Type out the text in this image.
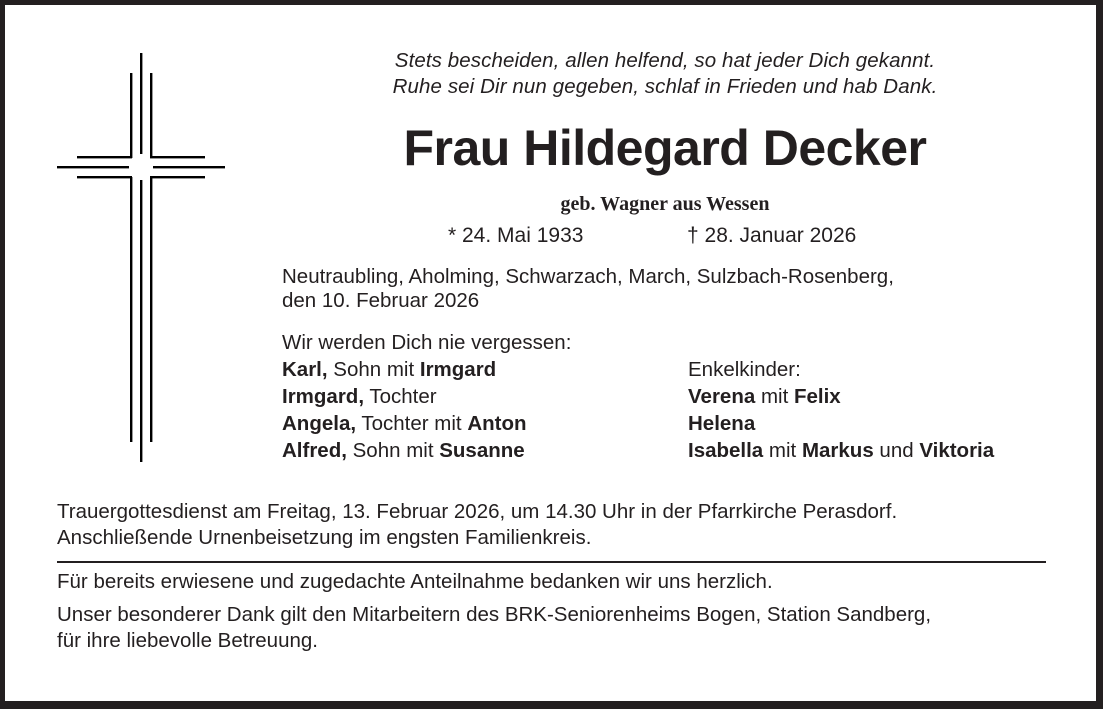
Stets bescheiden, allen helfend, so hat jeder Dich gekannt.
Ruhe sei Dir nun gegeben, schlaf in Frieden und hab Dank.
Frau Hildegard Decker
geb. Wagner aus Wessen
* 24. Mai 1933	† 28. Januar 2026
Neutraubling, Aholming, Schwarzach, March, Sulzbach-Rosenberg,
den 10. Februar 2026
Wir werden Dich nie vergessen:
Karl, Sohn mit Irmgard
Irmgard, Tochter
Angela, Tochter mit Anton
Alfred, Sohn mit Susanne
Enkelkinder:
Verena mit Felix
Helena
Isabella mit Markus und Viktoria
Trauergottesdienst am Freitag, 13. Februar 2026, um 14.30 Uhr in der Pfarrkirche Perasdorf.
Anschließende Urnenbeisetzung im engsten Familienkreis.
Für bereits erwiesene und zugedachte Anteilnahme bedanken wir uns herzlich.
Unser besonderer Dank gilt den Mitarbeitern des BRK-Seniorenheims Bogen, Station Sandberg,
für ihre liebevolle Betreuung.
